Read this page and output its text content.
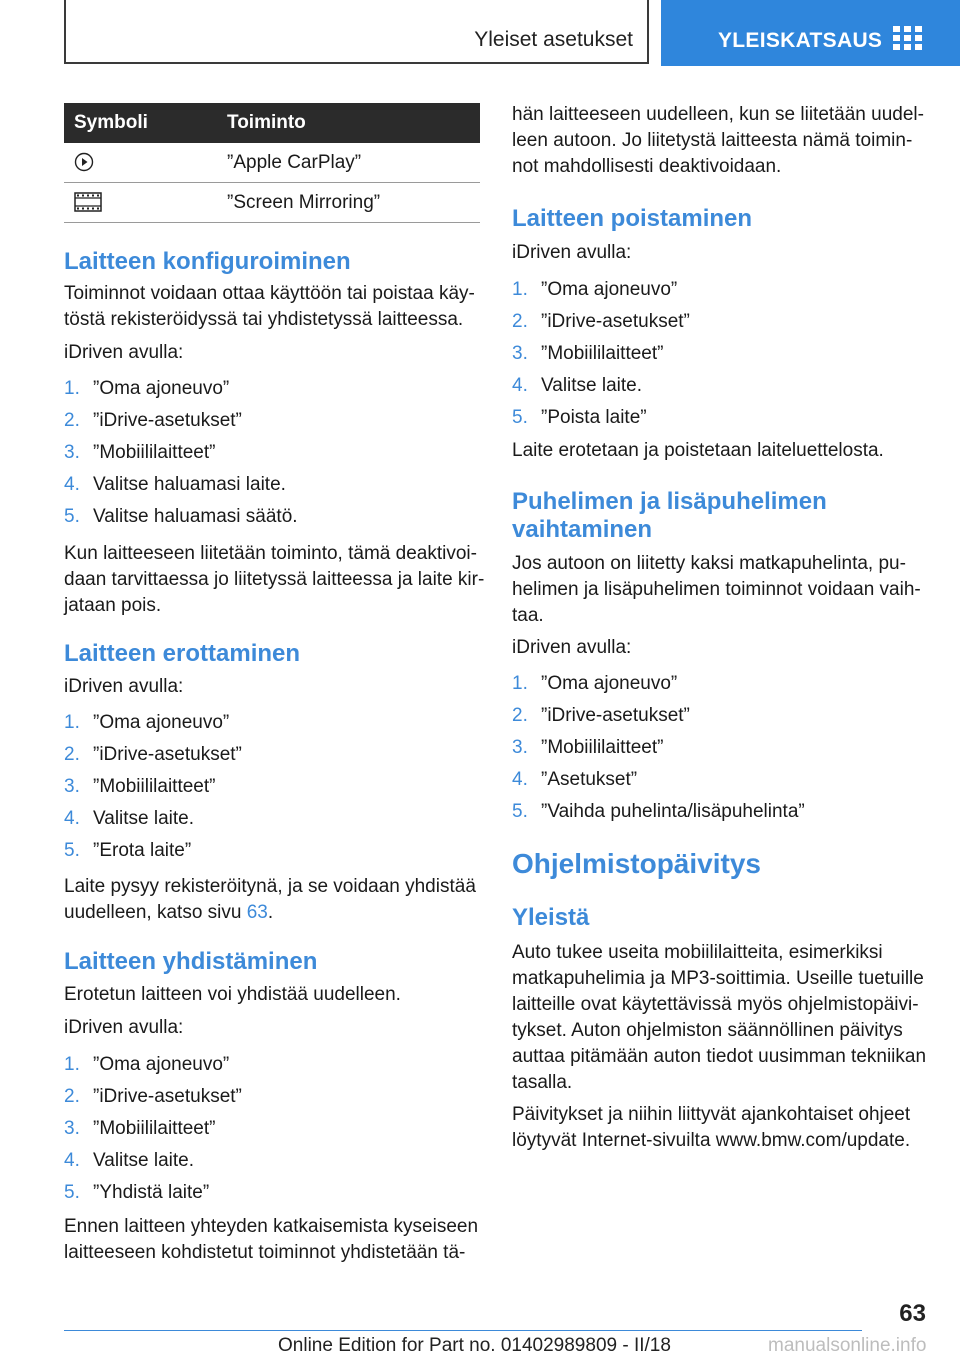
Yleiset asetukset	YLEISKATSAUS
Symboli	Toiminto
	”Apple CarPlay”
	”Screen Mirroring”
Laitteen konfiguroiminen

Toiminnot voidaan ottaa käyttöön tai poistaa käy-

töstä rekisteröidyssä tai yhdistetyssä laitteessa.

iDriven avulla:

1. ”Oma ajoneuvo”
2. ”iDrive-asetukset”
3. ”Mobiililaitteet”
4. Valitse haluamasi laite.
5. Valitse haluamasi säätö.

Kun laitteeseen liitetään toiminto, tämä deaktivoi-

daan tarvittaessa jo liitetyssä laitteessa ja laite kir-

jataan pois.

Laitteen erottaminen

iDriven avulla:

1. ”Oma ajoneuvo”
2. ”iDrive-asetukset”
3. ”Mobiililaitteet”
4. Valitse laite.
5. ”Erota laite”

Laite pysyy rekisteröitynä, ja se voidaan yhdistää

uudelleen, katso sivu 63.

Laitteen yhdistäminen

Erotetun laitteen voi yhdistää uudelleen.

iDriven avulla:

1. ”Oma ajoneuvo”
2. ”iDrive-asetukset”
3. ”Mobiililaitteet”
4. Valitse laite.
5. ”Yhdistä laite”

Ennen laitteen yhteyden katkaisemista kyseiseen

laitteeseen kohdistetut toiminnot yhdistetään tä-

hän laitteeseen uudelleen, kun se liitetään uudel-

leen autoon. Jo liitetystä laitteesta nämä toimin-

not mahdollisesti deaktivoidaan.

Laitteen poistaminen

iDriven avulla:

1. ”Oma ajoneuvo”
2. ”iDrive-asetukset”
3. ”Mobiililaitteet”
4. Valitse laite.
5. ”Poista laite”

Laite erotetaan ja poistetaan laiteluettelosta.

Puhelimen ja lisäpuhelimen
vaihtaminen

Jos autoon on liitetty kaksi matkapuhelinta, pu-

helimen ja lisäpuhelimen toiminnot voidaan vaih-

taa.

iDriven avulla:

1. ”Oma ajoneuvo”
2. ”iDrive-asetukset”
3. ”Mobiililaitteet”
4. ”Asetukset”
5. ”Vaihda puhelinta/lisäpuhelinta”
Ohjelmistopäivitys
Yleistä

Auto tukee useita mobiililaitteita, esimerkiksi

matkapuhelimia ja MP3-soittimia. Useille tuetuille

laitteille ovat käytettävissä myös ohjelmistopäivi-

tykset. Auton ohjelmiston säännöllinen päivitys

auttaa pitämään auton tiedot uusimman tekniikan

tasalla.

Päivitykset ja niihin liittyvät ajankohtaiset ohjeet

löytyvät Internet-sivuilta www.bmw.com/update.

63
Online Edition for Part no. 01402989809 - II/18	manualsonline.info
